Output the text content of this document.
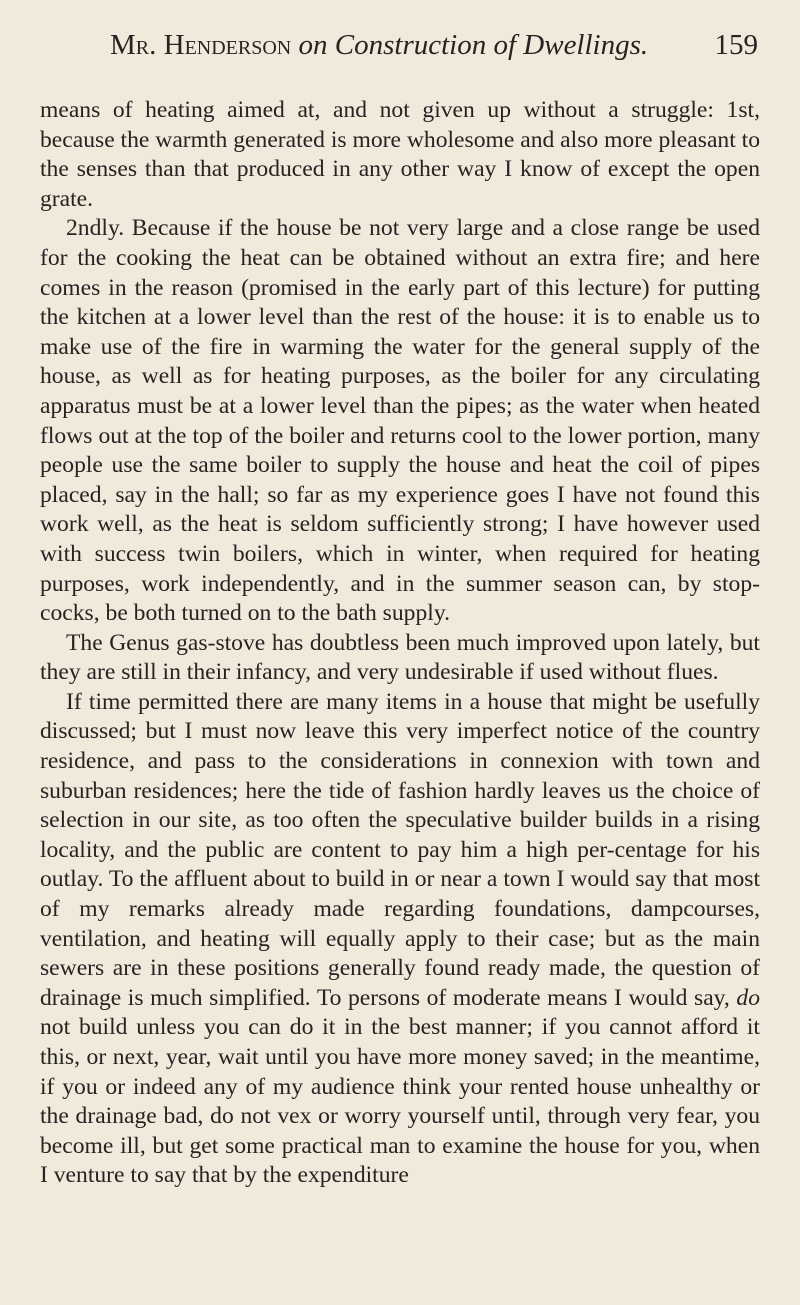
Mr. Henderson on Construction of Dwellings. 159

means of heating aimed at, and not given up without a struggle: 1st, because the warmth generated is more wholesome and also more pleasant to the senses than that produced in any other way I know of except the open grate.

2ndly. Because if the house be not very large and a close range be used for the cooking the heat can be obtained without an extra fire; and here comes in the reason (promised in the early part of this lecture) for putting the kitchen at a lower level than the rest of the house: it is to enable us to make use of the fire in warming the water for the general supply of the house, as well as for heating purposes, as the boiler for any circulating apparatus must be at a lower level than the pipes; as the water when heated flows out at the top of the boiler and returns cool to the lower portion, many people use the same boiler to supply the house and heat the coil of pipes placed, say in the hall; so far as my experience goes I have not found this work well, as the heat is seldom sufficiently strong; I have however used with success twin boilers, which in winter, when required for heating purposes, work independently, and in the summer season can, by stop-cocks, be both turned on to the bath supply.

The Genus gas-stove has doubtless been much improved upon lately, but they are still in their infancy, and very undesirable if used without flues.

If time permitted there are many items in a house that might be usefully discussed; but I must now leave this very imperfect notice of the country residence, and pass to the considerations in connexion with town and suburban residences; here the tide of fashion hardly leaves us the choice of selection in our site, as too often the speculative builder builds in a rising locality, and the public are content to pay him a high per-centage for his outlay. To the affluent about to build in or near a town I would say that most of my remarks already made regarding foundations, dampcourses, ventilation, and heating will equally apply to their case; but as the main sewers are in these positions generally found ready made, the question of drainage is much simplified. To persons of moderate means I would say, do not build unless you can do it in the best manner; if you cannot afford it this, or next, year, wait until you have more money saved; in the meantime, if you or indeed any of my audience think your rented house unhealthy or the drainage bad, do not vex or worry yourself until, through very fear, you become ill, but get some practical man to examine the house for you, when I venture to say that by the expenditure
